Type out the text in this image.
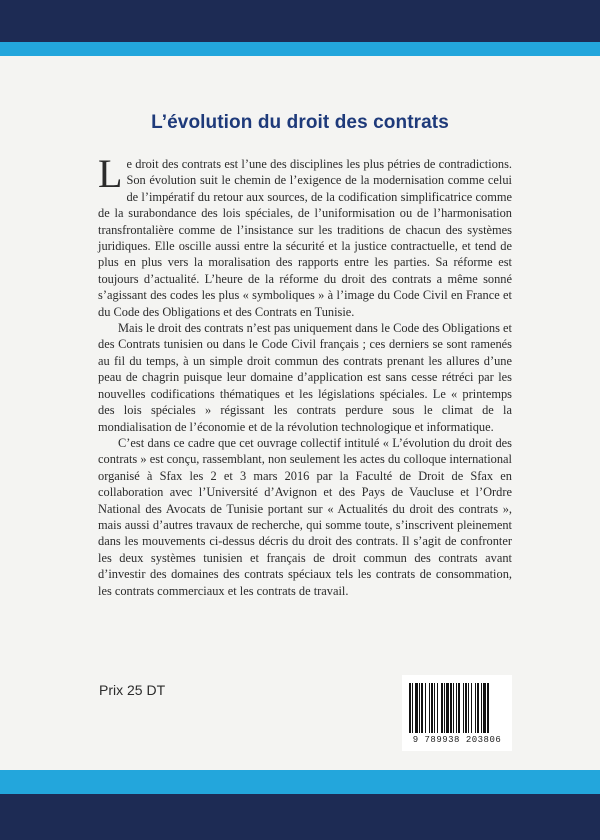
L’évolution du droit des contrats

Le droit des contrats est l’une des disciplines les plus pétries de contradictions. Son évolution suit le chemin de l’exigence de la modernisation comme celui de l’impératif du retour aux sources, de la codification simplificatrice comme de la surabondance des lois spéciales, de l’uniformisation ou de l’harmonisation transfrontalière comme de l’insistance sur les traditions de chacun des systèmes juridiques. Elle oscille aussi entre la sécurité et la justice contractuelle, et tend de plus en plus vers la moralisation des rapports entre les parties. Sa réforme est toujours d’actualité. L’heure de la réforme du droit des contrats a même sonné s’agissant des codes les plus « symboliques » à l’image du Code Civil en France et du Code des Obligations et des Contrats en Tunisie.

Mais le droit des contrats n’est pas uniquement dans le Code des Obligations et des Contrats tunisien ou dans le Code Civil français ; ces derniers se sont ramenés au fil du temps, à un simple droit commun des contrats prenant les allures d’une peau de chagrin puisque leur domaine d’application est sans cesse rétréci par les nouvelles codifications thématiques et les législations spéciales. Le « printemps des lois spéciales » régissant les contrats perdure sous le climat de la mondialisation de l’économie et de la révolution technologique et informatique.

C’est dans ce cadre que cet ouvrage collectif intitulé « L’évolution du droit des contrats » est conçu, rassemblant, non seulement les actes du colloque international organisé à Sfax les 2 et 3 mars 2016 par la Faculté de Droit de Sfax en collaboration avec l’Université d’Avignon et des Pays de Vaucluse et l’Ordre National des Avocats de Tunisie portant sur « Actualités du droit des contrats », mais aussi d’autres travaux de recherche, qui somme toute, s’inscrivent pleinement dans les mouvements ci-dessus décris du droit des contrats. Il s’agit de confronter les deux systèmes tunisien et français de droit commun des contrats avant d’investir des domaines des contrats spéciaux tels les contrats de consommation, les contrats commerciaux et les contrats de travail.

Prix 25 DT
9 789938 203806
